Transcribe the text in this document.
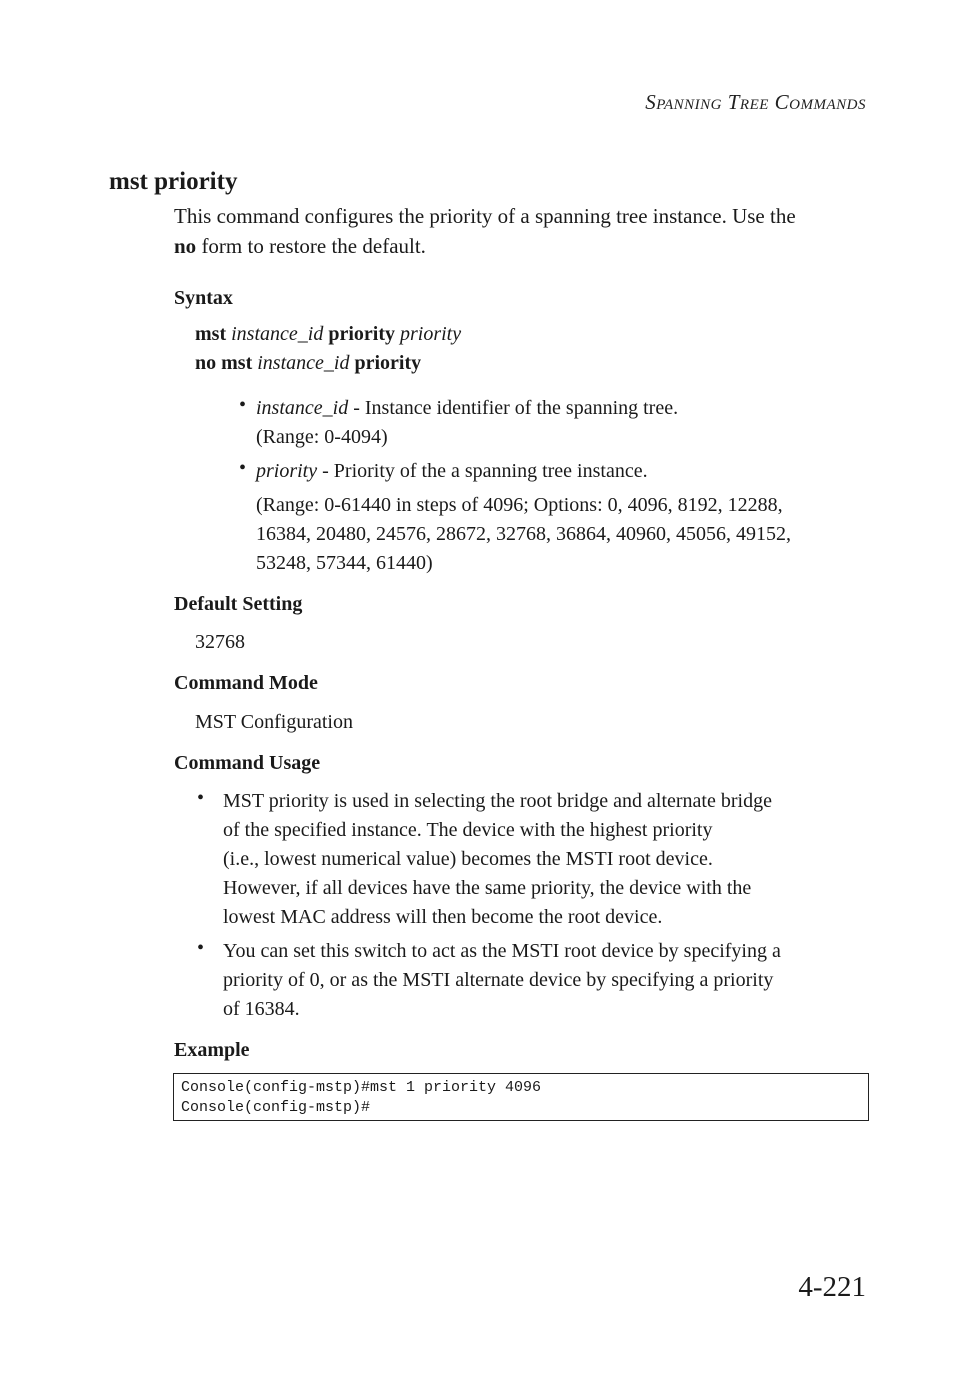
Spanning Tree Commands
mst priority
This command configures the priority of a spanning tree instance. Use the
no form to restore the default.
Syntax
mst instance_id priority priority
no mst instance_id priority
• instance_id - Instance identifier of the spanning tree.
(Range: 0-4094)
• priority - Priority of the a spanning tree instance.
(Range: 0-61440 in steps of 4096; Options: 0, 4096, 8192, 12288,
16384, 20480, 24576, 28672, 32768, 36864, 40960, 45056, 49152,
53248, 57344, 61440)
Default Setting
32768
Command Mode
MST Configuration
Command Usage
• MST priority is used in selecting the root bridge and alternate bridge
of the specified instance. The device with the highest priority
(i.e., lowest numerical value) becomes the MSTI root device.
However, if all devices have the same priority, the device with the
lowest MAC address will then become the root device.
• You can set this switch to act as the MSTI root device by specifying a
priority of 0, or as the MSTI alternate device by specifying a priority
of 16384.
Example
Console(config-mstp)#mst 1 priority 4096
Console(config-mstp)#
4-221
